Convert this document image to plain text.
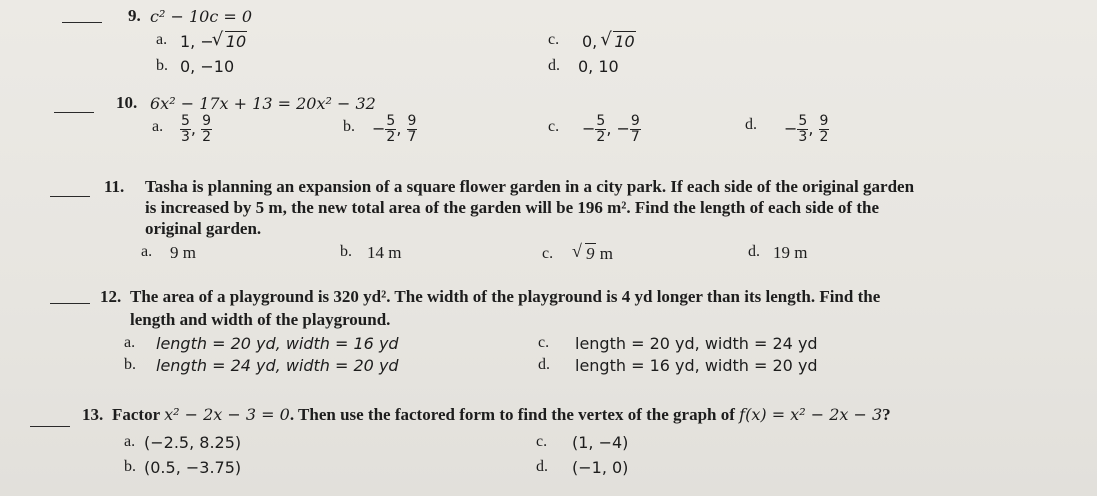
9. c² − 10c = 0
a. 1, − √ 10	c. 0, √ 10
b. 0, −10	d. 0, 10
10. 6x² − 17x + 13 = 20x² − 32
a. $\frac{5}{3}$ , $\frac{9}{2}$	b. − $\frac{5}{2}$ , $\frac{9}{7}$	c. − $\frac{5}{2}$ , − $\frac{9}{7}$	d. − $\frac{5}{3}$ , $\frac{9}{2}$
11. Tasha is planning an expansion of a square flower garden in a city park. If each side of the original garden
is increased by 5 m, the new total area of the garden will be 196 m². Find the length of each side of the
original garden.
a. 9 m	b. 14 m	c.	√ 9 m	d. 19 m
12. The area of a playground is 320 yd². The width of the playground is 4 yd longer than its length. Find the
length and width of the playground.
a. length = 20 yd, width = 16 yd	c. length = 20 yd, width = 24 yd
b. length = 24 yd, width = 20 yd	d. length = 16 yd, width = 20 yd
13. Factor x² − 2x − 3 = 0. Then use the factored form to find the vertex of the graph of f(x) = x² − 2x − 3?
a. (−2.5, 8.25)	c. (1, −4)
b. (0.5, −3.75)	d. (−1, 0)
